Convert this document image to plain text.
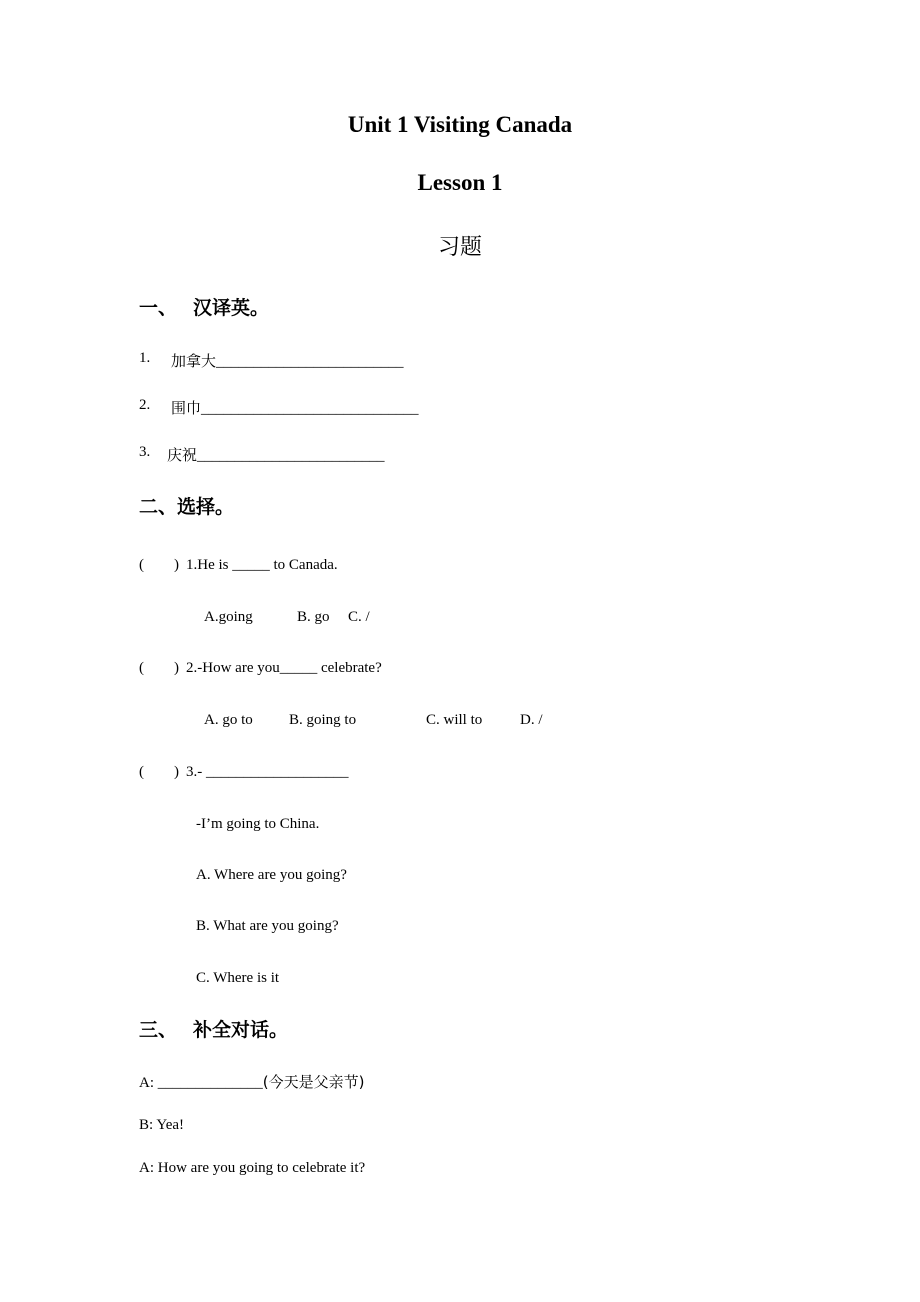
Unit 1 Visiting Canada
Lesson 1
习题
一、 汉译英。
1. 加拿大_________________________
2. 围巾_____________________________
3. 庆祝_________________________
二、选择。
(        ) 1.He is _____ to Canada.
A.going	B. go C. /
(        ) 2.-How are you_____ celebrate?
A. go to B. going to	C. will to	D. /
(        ) 3.- ___________________
-I’m going to China.
A. Where are you going?
B. What are you going?
C. Where is it
三、 补全对话。
A: ______________(今天是父亲节)
B: Yea!
A: How are you going to celebrate it?
